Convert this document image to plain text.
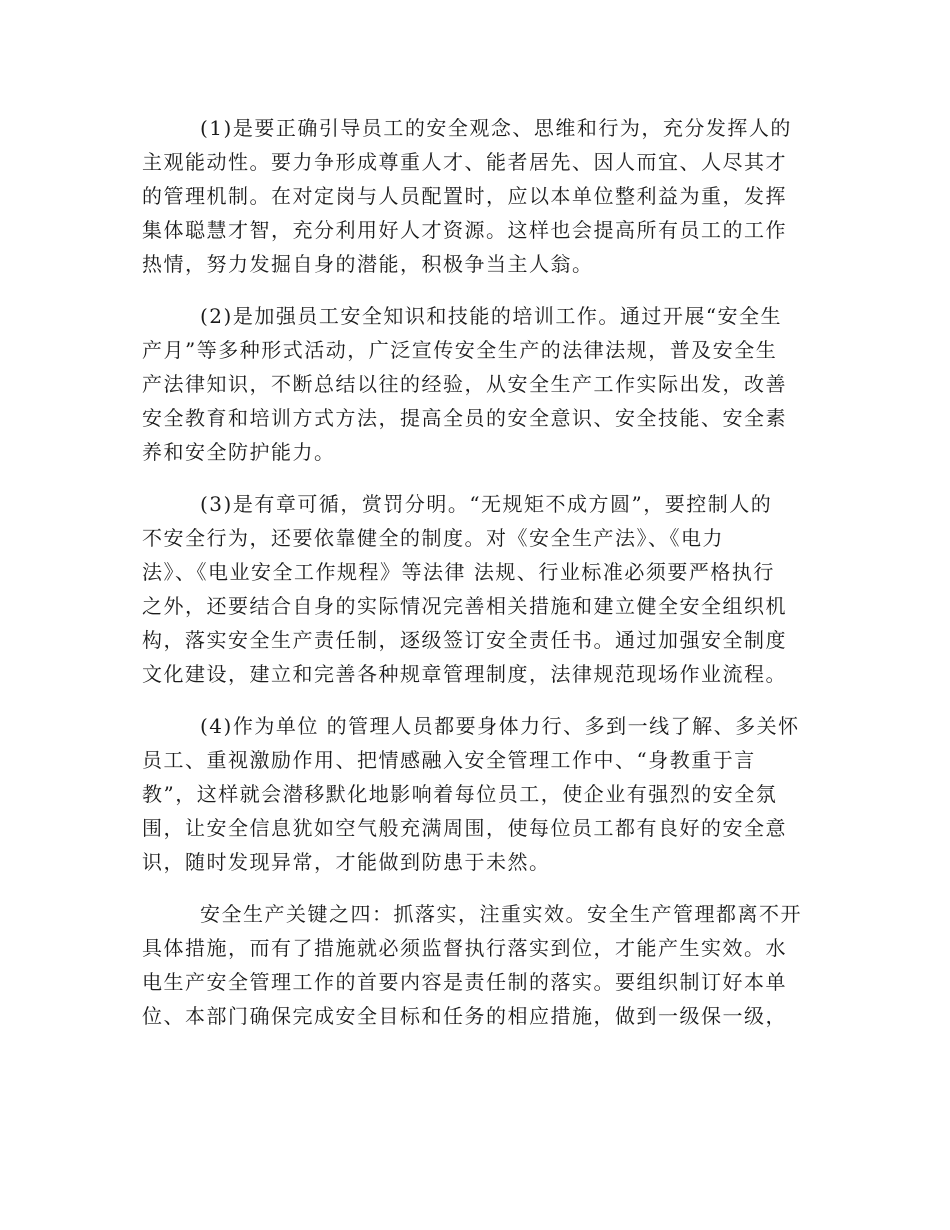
(1)是要正确引导员工的安全观念、思维和行为，充分发挥人的
主观能动性。要力争形成尊重人才、能者居先、因人而宜、人尽其才
的管理机制。在对定岗与人员配置时，应以本单位整利益为重，发挥
集体聪慧才智，充分利用好人才资源。这样也会提高所有员工的工作
热情，努力发掘自身的潜能，积极争当主人翁。
(2)是加强员工安全知识和技能的培训工作。通过开展“安全生
产月”等多种形式活动，广泛宣传安全生产的法律法规，普及安全生
产法律知识，不断总结以往的经验，从安全生产工作实际出发，改善
安全教育和培训方式方法，提高全员的安全意识、安全技能、安全素
养和安全防护能力。
(3)是有章可循，赏罚分明。“无规矩不成方圆”，要控制人的
不安全行为，还要依靠健全的制度。对《安全生产法》、《电力
法》、《电业安全工作规程》等法律 法规、行业标准必须要严格执行
之外，还要结合自身的实际情况完善相关措施和建立健全安全组织机
构，落实安全生产责任制，逐级签订安全责任书。通过加强安全制度
文化建设，建立和完善各种规章管理制度，法律规范现场作业流程。
(4)作为单位 的管理人员都要身体力行、多到一线了解、多关怀
员工、重视激励作用、把情感融入安全管理工作中、“身教重于言
教”，这样就会潜移默化地影响着每位员工，使企业有强烈的安全氛
围，让安全信息犹如空气般充满周围，使每位员工都有良好的安全意
识，随时发现异常，才能做到防患于未然。
安全生产关键之四：抓落实，注重实效。安全生产管理都离不开
具体措施，而有了措施就必须监督执行落实到位，才能产生实效。水
电生产安全管理工作的首要内容是责任制的落实。要组织制订好本单
位、本部门确保完成安全目标和任务的相应措施，做到一级保一级，
